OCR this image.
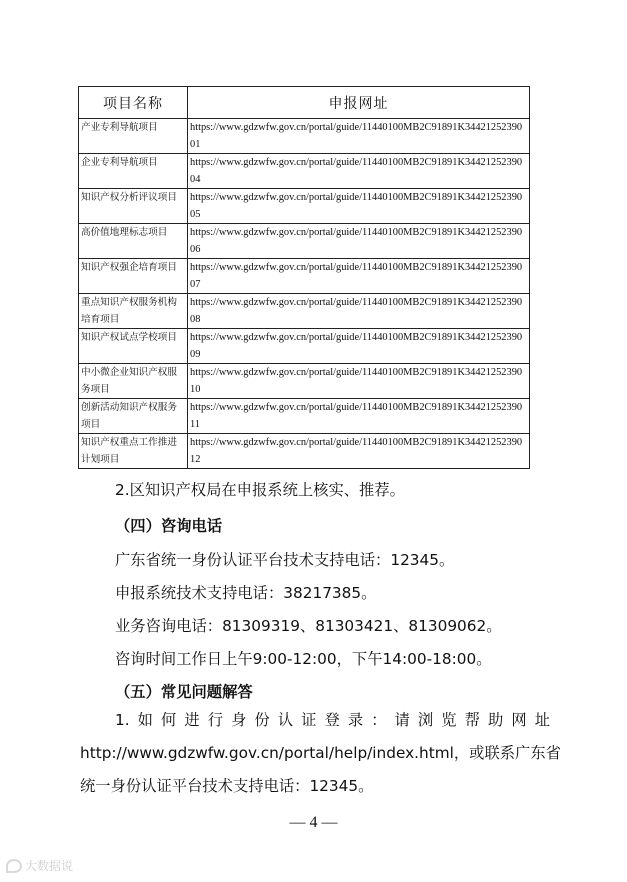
项目名称	申报网址
产业专利导航项目	https://www.gdzwfw.gov.cn/portal/guide/11440100MB2C91891K3442125239001
企业专利导航项目	https://www.gdzwfw.gov.cn/portal/guide/11440100MB2C91891K3442125239004
知识产权分析评议项目	https://www.gdzwfw.gov.cn/portal/guide/11440100MB2C91891K3442125239005
高价值地理标志项目	https://www.gdzwfw.gov.cn/portal/guide/11440100MB2C91891K3442125239006
知识产权强企培育项目	https://www.gdzwfw.gov.cn/portal/guide/11440100MB2C91891K3442125239007
重点知识产权服务机构培育项目	https://www.gdzwfw.gov.cn/portal/guide/11440100MB2C91891K3442125239008
知识产权试点学校项目	https://www.gdzwfw.gov.cn/portal/guide/11440100MB2C91891K3442125239009
中小微企业知识产权服务项目	https://www.gdzwfw.gov.cn/portal/guide/11440100MB2C91891K3442125239010
创新活动知识产权服务项目	https://www.gdzwfw.gov.cn/portal/guide/11440100MB2C91891K3442125239011
知识产权重点工作推进计划项目	https://www.gdzwfw.gov.cn/portal/guide/11440100MB2C91891K3442125239012
2.区知识产权局在申报系统上核实、推荐。
（四）咨询电话
广东省统一身份认证平台技术支持电话：12345。
申报系统技术支持电话：38217385。
业务咨询电话：81309319、81303421、81309062。
咨询时间工作日上午9:00-12:00，下午14:00-18:00。
（五）常见问题解答
1.如何进行身份认证登录：请浏览帮助网址
http://www.gdzwfw.gov.cn/portal/help/index.html，或联系广东省
统一身份认证平台技术支持电话：12345。
— 4 —
大数据说
